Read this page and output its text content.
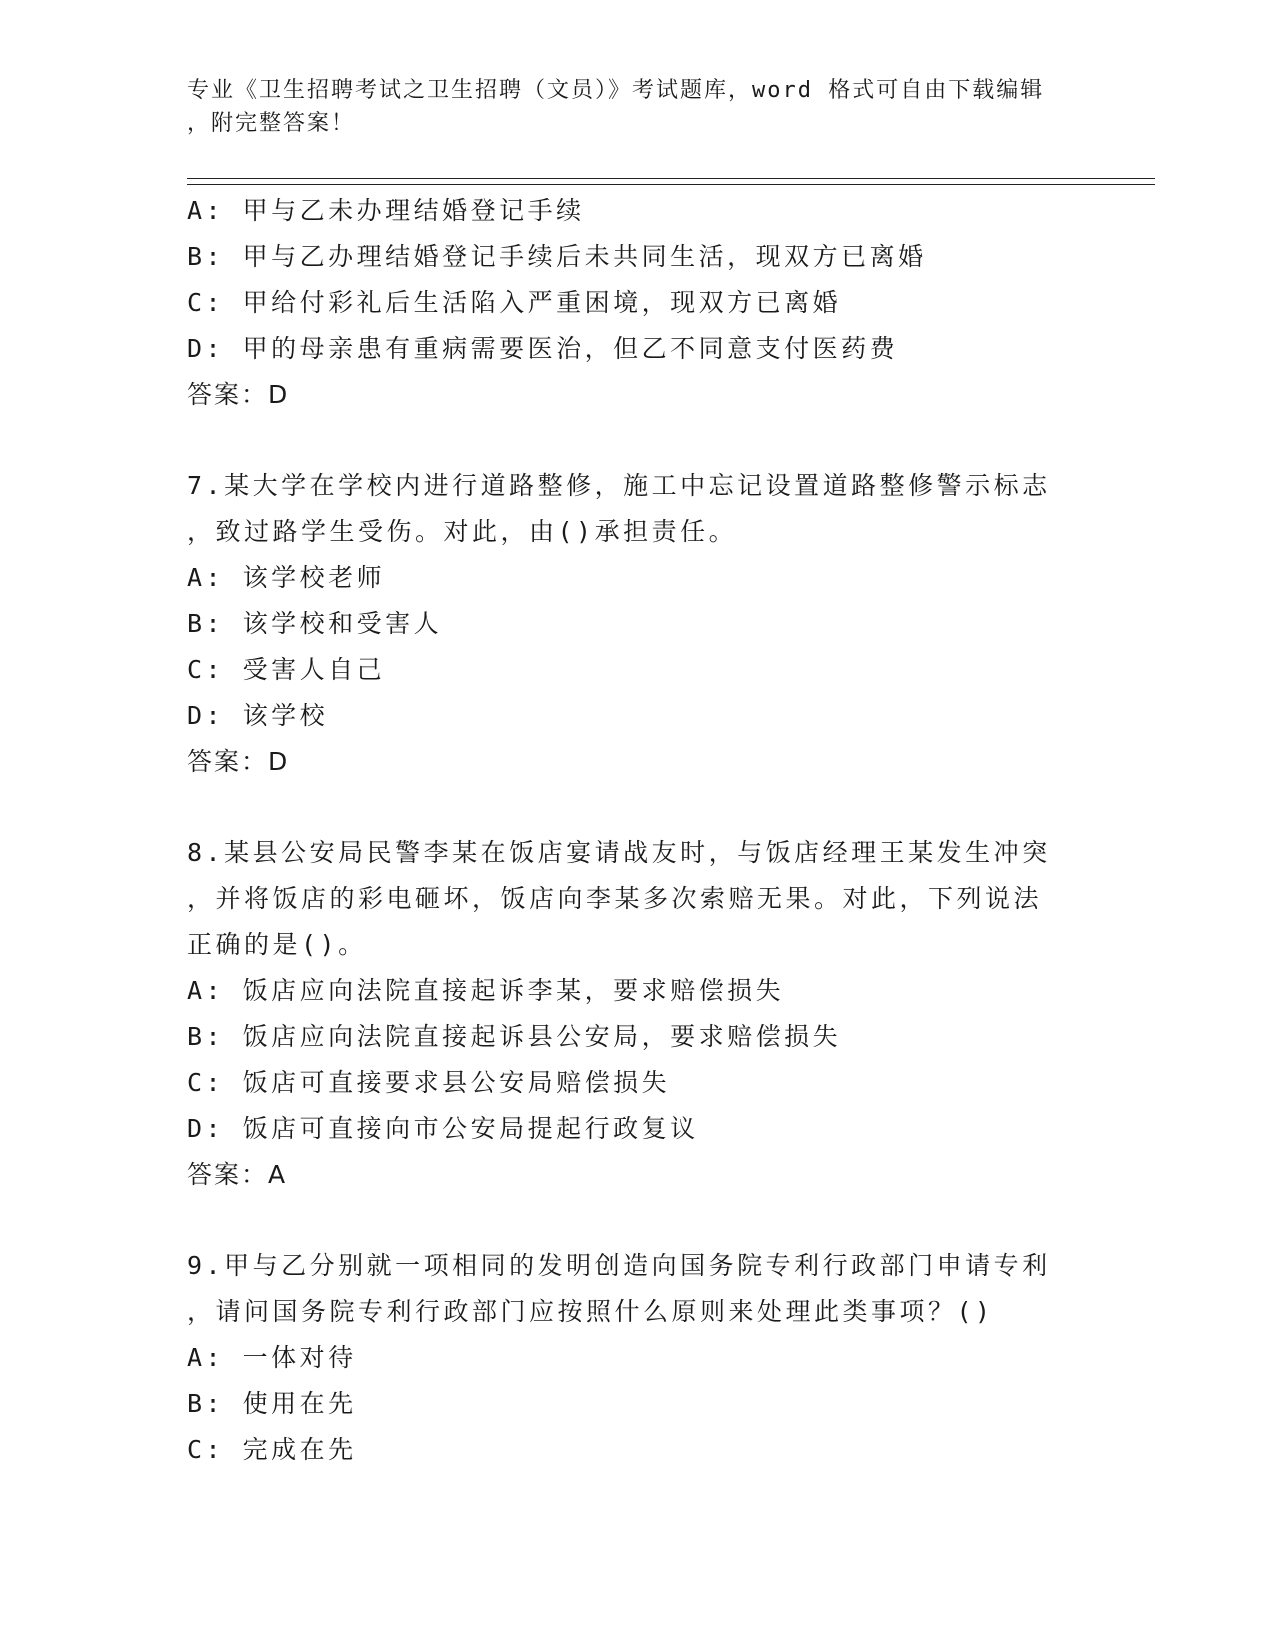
专业《卫生招聘考试之卫生招聘（文员）》考试题库，word 格式可自由下载编辑
，附完整答案！
A: 甲与乙未办理结婚登记手续
B: 甲与乙办理结婚登记手续后未共同生活，现双方已离婚
C: 甲给付彩礼后生活陷入严重困境，现双方已离婚
D: 甲的母亲患有重病需要医治，但乙不同意支付医药费
答案：D
7.某大学在学校内进行道路整修，施工中忘记设置道路整修警示标志
，致过路学生受伤。对此，由()承担责任。
A: 该学校老师
B: 该学校和受害人
C: 受害人自己
D: 该学校
答案：D
8.某县公安局民警李某在饭店宴请战友时，与饭店经理王某发生冲突
，并将饭店的彩电砸坏，饭店向李某多次索赔无果。对此，下列说法
正确的是()。
A: 饭店应向法院直接起诉李某，要求赔偿损失
B: 饭店应向法院直接起诉县公安局，要求赔偿损失
C: 饭店可直接要求县公安局赔偿损失
D: 饭店可直接向市公安局提起行政复议
答案：A
9.甲与乙分别就一项相同的发明创造向国务院专利行政部门申请专利
，请问国务院专利行政部门应按照什么原则来处理此类事项？()
A: 一体对待
B: 使用在先
C: 完成在先
